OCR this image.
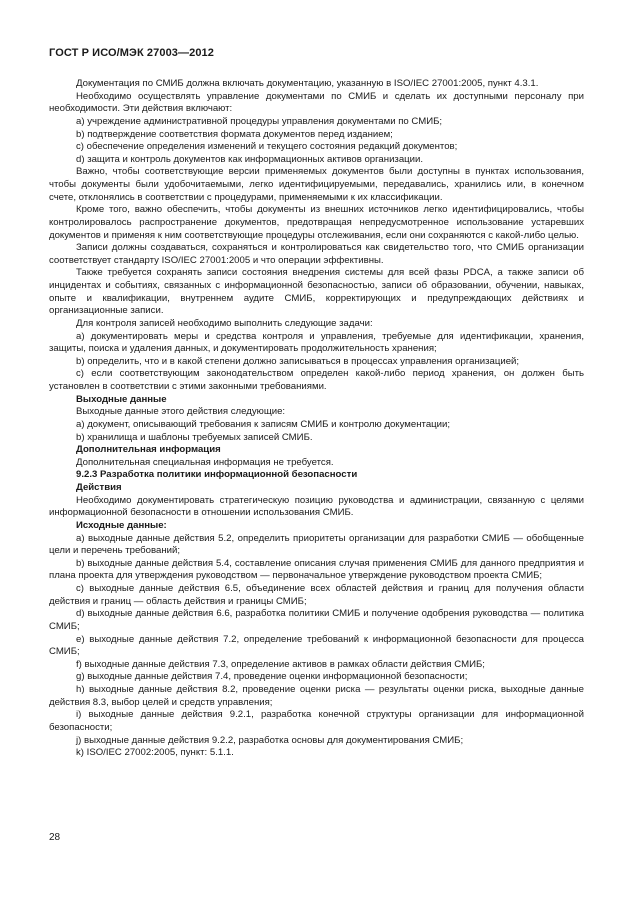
ГОСТ Р ИСО/МЭК 27003—2012

Документация по СМИБ должна включать документацию, указанную в ISO/IEC 27001:2005, пункт 4.3.1.

Необходимо осуществлять управление документами по СМИБ и сделать их доступными персоналу при необходимости. Эти действия включают:

a) учреждение административной процедуры управления документами по СМИБ;

b) подтверждение соответствия формата документов перед изданием;

c) обеспечение определения изменений и текущего состояния редакций документов;

d) защита и контроль документов как информационных активов организации.

Важно, чтобы соответствующие версии применяемых документов были доступны в пунктах использования, чтобы документы были удобочитаемыми, легко идентифицируемыми, передавались, хранились или, в конечном счете, отклонялись в соответствии с процедурами, применяемыми к их классификации.

Кроме того, важно обеспечить, чтобы документы из внешних источников легко идентифицировались, чтобы контролировалось распространение документов, предотвращая непредусмотренное использование устаревших документов и применяя к ним соответствующие процедуры отслеживания, если они сохраняются с какой-либо целью.

Записи должны создаваться, сохраняться и контролироваться как свидетельство того, что СМИБ организации соответствует стандарту ISO/IEC 27001:2005 и что операции эффективны.

Также требуется сохранять записи состояния внедрения системы для всей фазы PDCA, а также записи об инцидентах и событиях, связанных с информационной безопасностью, записи об образовании, обучении, навыках, опыте и квалификации, внутреннем аудите СМИБ, корректирующих и предупреждающих действиях и организационные записи.

Для контроля записей необходимо выполнить следующие задачи:

a) документировать меры и средства контроля и управления, требуемые для идентификации, хранения, защиты, поиска и удаления данных, и документировать продолжительность хранения;

b) определить, что и в какой степени должно записываться в процессах управления организацией;

c) если соответствующим законодательством определен какой-либо период хранения, он должен быть установлен в соответствии с этими законными требованиями.

Выходные данные

Выходные данные этого действия следующие:

a) документ, описывающий требования к записям СМИБ и контролю документации;

b) хранилища и шаблоны требуемых записей СМИБ.

Дополнительная информация

Дополнительная специальная информация не требуется.

9.2.3 Разработка политики информационной безопасности

Действия

Необходимо документировать стратегическую позицию руководства и администрации, связанную с целями информационной безопасности в отношении использования СМИБ.

Исходные данные:

a) выходные данные действия 5.2, определить приоритеты организации для разработки СМИБ — обобщенные цели и перечень требований;

b) выходные данные действия 5.4, составление описания случая применения СМИБ для данного предприятия и плана проекта для утверждения руководством — первоначальное утверждение руководством проекта СМИБ;

c) выходные данные действия 6.5, объединение всех областей действия и границ для получения области действия и границ — область действия и границы СМИБ;

d) выходные данные действия 6.6, разработка политики СМИБ и получение одобрения руководства — политика СМИБ;

e) выходные данные действия 7.2, определение требований к информационной безопасности для процесса СМИБ;

f) выходные данные действия 7.3, определение активов в рамках области действия СМИБ;

g) выходные данные действия 7.4, проведение оценки информационной безопасности;

h) выходные данные действия 8.2, проведение оценки риска — результаты оценки риска, выходные данные действия 8.3, выбор целей и средств управления;

i) выходные данные действия 9.2.1, разработка конечной структуры организации для информационной безопасности;

j) выходные данные действия 9.2.2, разработка основы для документирования СМИБ;

k) ISO/IEC 27002:2005, пункт: 5.1.1.

28
